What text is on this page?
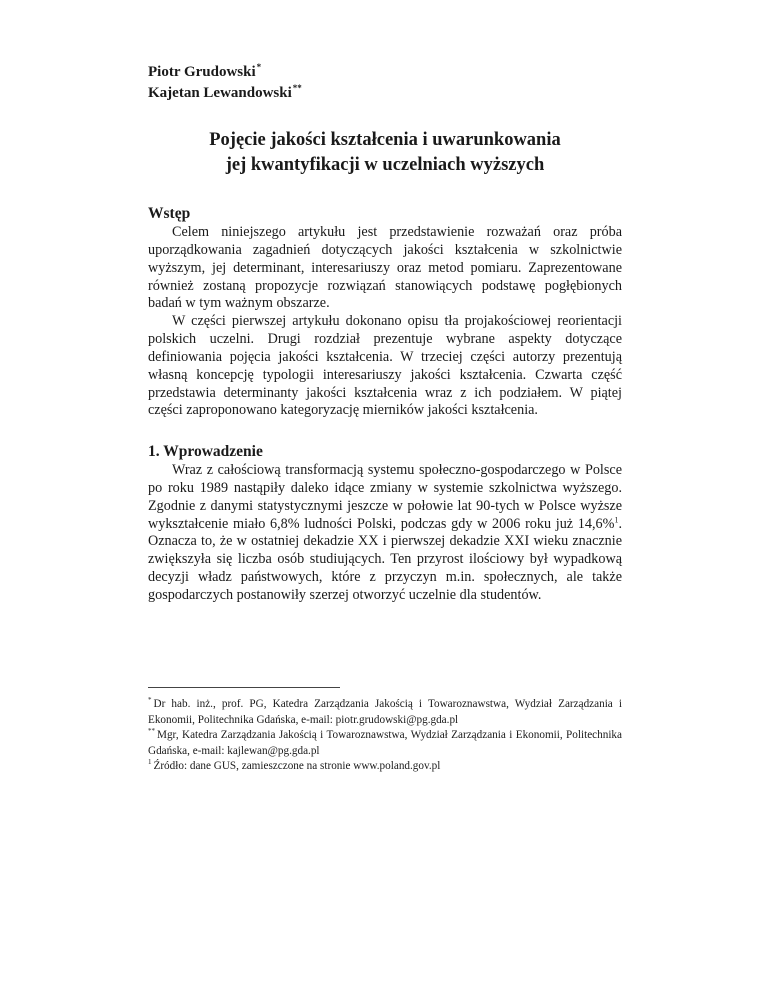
Piotr Grudowski*
Kajetan Lewandowski**
Pojęcie jakości kształcenia i uwarunkowania
jej kwantyfikacji w uczelniach wyższych
Wstęp

Celem niniejszego artykułu jest przedstawienie rozważań oraz próba uporządkowania zagadnień dotyczących jakości kształcenia w szkolnictwie wyższym, jej determinant, interesariuszy oraz metod pomiaru. Zaprezentowane również zostaną propozycje rozwiązań stanowiących podstawę pogłębionych badań w tym ważnym obszarze.

W części pierwszej artykułu dokonano opisu tła projakościowej reorientacji polskich uczelni. Drugi rozdział prezentuje wybrane aspekty dotyczące definiowania pojęcia jakości kształcenia. W trzeciej części autorzy prezentują własną koncepcję typologii interesariuszy jakości kształcenia. Czwarta część przedstawia determinanty jakości kształcenia wraz z ich podziałem. W piątej części zaproponowano kategoryzację mierników jakości kształcenia.

1. Wprowadzenie

Wraz z całościową transformacją systemu społeczno-gospodarczego w Polsce po roku 1989 nastąpiły daleko idące zmiany w systemie szkolnictwa wyższego. Zgodnie z danymi statystycznymi jeszcze w połowie lat 90-tych w Polsce wyższe wykształcenie miało 6,8% ludności Polski, podczas gdy w 2006 roku już 14,6%$^1$. Oznacza to, że w ostatniej dekadzie XX i pierwszej dekadzie XXI wieku znacznie zwiększyła się liczba osób studiujących. Ten przyrost ilościowy był wypadkową decyzji władz państwowych, które z przyczyn m.in. społecznych, ale także gospodarczych postanowiły szerzej otworzyć uczelnie dla studentów.

* Dr hab. inż., prof. PG, Katedra Zarządzania Jakością i Towaroznawstwa, Wydział Zarządzania i Ekonomii, Politechnika Gdańska, e-mail: piotr.grudowski@pg.gda.pl

** Mgr, Katedra Zarządzania Jakością i Towaroznawstwa, Wydział Zarządzania i Ekonomii, Politechnika Gdańska, e-mail: kajlewan@pg.gda.pl

$^1$ Źródło: dane GUS, zamieszczone na stronie www.poland.gov.pl
